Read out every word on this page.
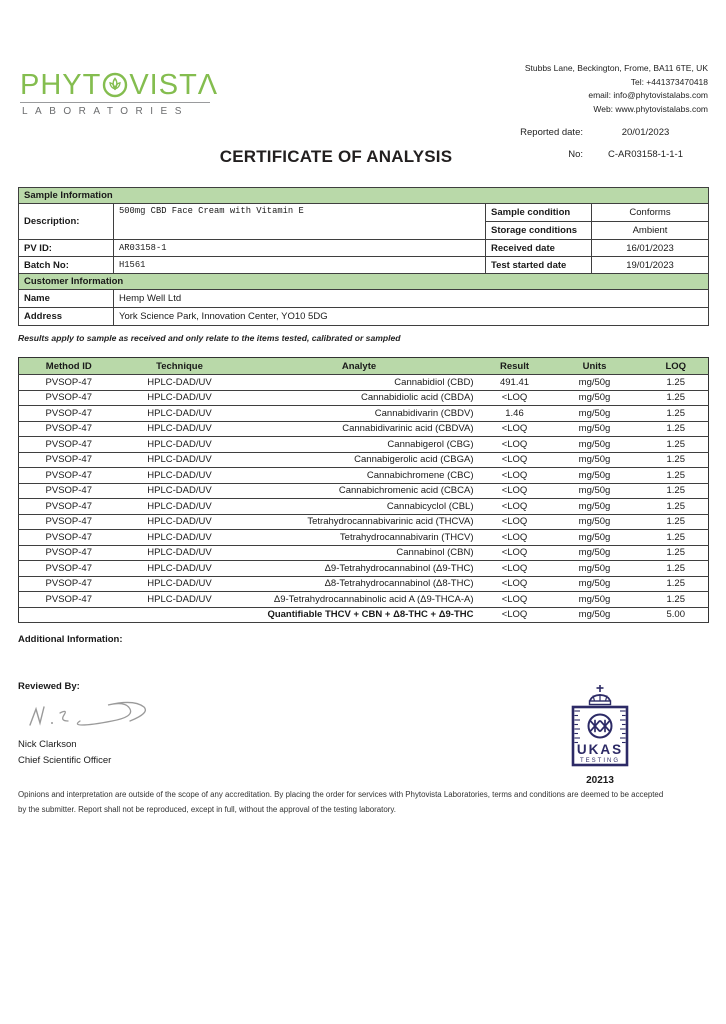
PHYT VISTΛ
LABORATORIES
Stubbs Lane, Beckington, Frome, BA11 6TE, UK
Tel: +441373470418
email: info@phytovistalabs.com
Web: www.phytovistalabs.com
Reported date:	20/01/2023
No:	C-AR03158-1-1-1
CERTIFICATE OF ANALYSIS
Sample Information			
Description:	500mg CBD Face Cream with Vitamin E	Sample condition	Conforms
		Storage conditions	Ambient
PV ID:	AR03158-1	Received date	16/01/2023
Batch No:	H1561	Test started date	19/01/2023
Customer Information			
Name	Hemp Well Ltd		
Address	York Science Park, Innovation Center, YO10 5DG		
Results apply to sample as received and only relate to the items tested, calibrated or sampled
Method ID	Technique	Analyte	Result	Units	LOQ
PVSOP-47	HPLC-DAD/UV	Cannabidiol (CBD)	491.41	mg/50g	1.25
PVSOP-47	HPLC-DAD/UV	Cannabidiolic acid (CBDA)	<LOQ	mg/50g	1.25
PVSOP-47	HPLC-DAD/UV	Cannabidivarin (CBDV)	1.46	mg/50g	1.25
PVSOP-47	HPLC-DAD/UV	Cannabidivarinic acid (CBDVA)	<LOQ	mg/50g	1.25
PVSOP-47	HPLC-DAD/UV	Cannabigerol (CBG)	<LOQ	mg/50g	1.25
PVSOP-47	HPLC-DAD/UV	Cannabigerolic acid (CBGA)	<LOQ	mg/50g	1.25
PVSOP-47	HPLC-DAD/UV	Cannabichromene (CBC)	<LOQ	mg/50g	1.25
PVSOP-47	HPLC-DAD/UV	Cannabichromenic acid (CBCA)	<LOQ	mg/50g	1.25
PVSOP-47	HPLC-DAD/UV	Cannabicyclol (CBL)	<LOQ	mg/50g	1.25
PVSOP-47	HPLC-DAD/UV	Tetrahydrocannabivarinic acid (THCVA)	<LOQ	mg/50g	1.25
PVSOP-47	HPLC-DAD/UV	Tetrahydrocannabivarin (THCV)	<LOQ	mg/50g	1.25
PVSOP-47	HPLC-DAD/UV	Cannabinol (CBN)	<LOQ	mg/50g	1.25
PVSOP-47	HPLC-DAD/UV	Δ9-Tetrahydrocannabinol (Δ9-THC)	<LOQ	mg/50g	1.25
PVSOP-47	HPLC-DAD/UV	Δ8-Tetrahydrocannabinol (Δ8-THC)	<LOQ	mg/50g	1.25
PVSOP-47	HPLC-DAD/UV	Δ9-Tetrahydrocannabinolic acid A (Δ9-THCA-A)	<LOQ	mg/50g	1.25
		Quantifiable THCV + CBN + Δ8-THC + Δ9-THC	<LOQ	mg/50g	5.00
Additional Information:
Reviewed By:
Nick Clarkson
Chief Scientific Officer
UKAS
TESTING
20213
Opinions and interpretation are outside of the scope of any accreditation. By placing the order for services with Phytovista Laboratories, terms and conditions are deemed to be accepted
by the submitter. Report shall not be reproduced, except in full, without the approval of the testing laboratory.
